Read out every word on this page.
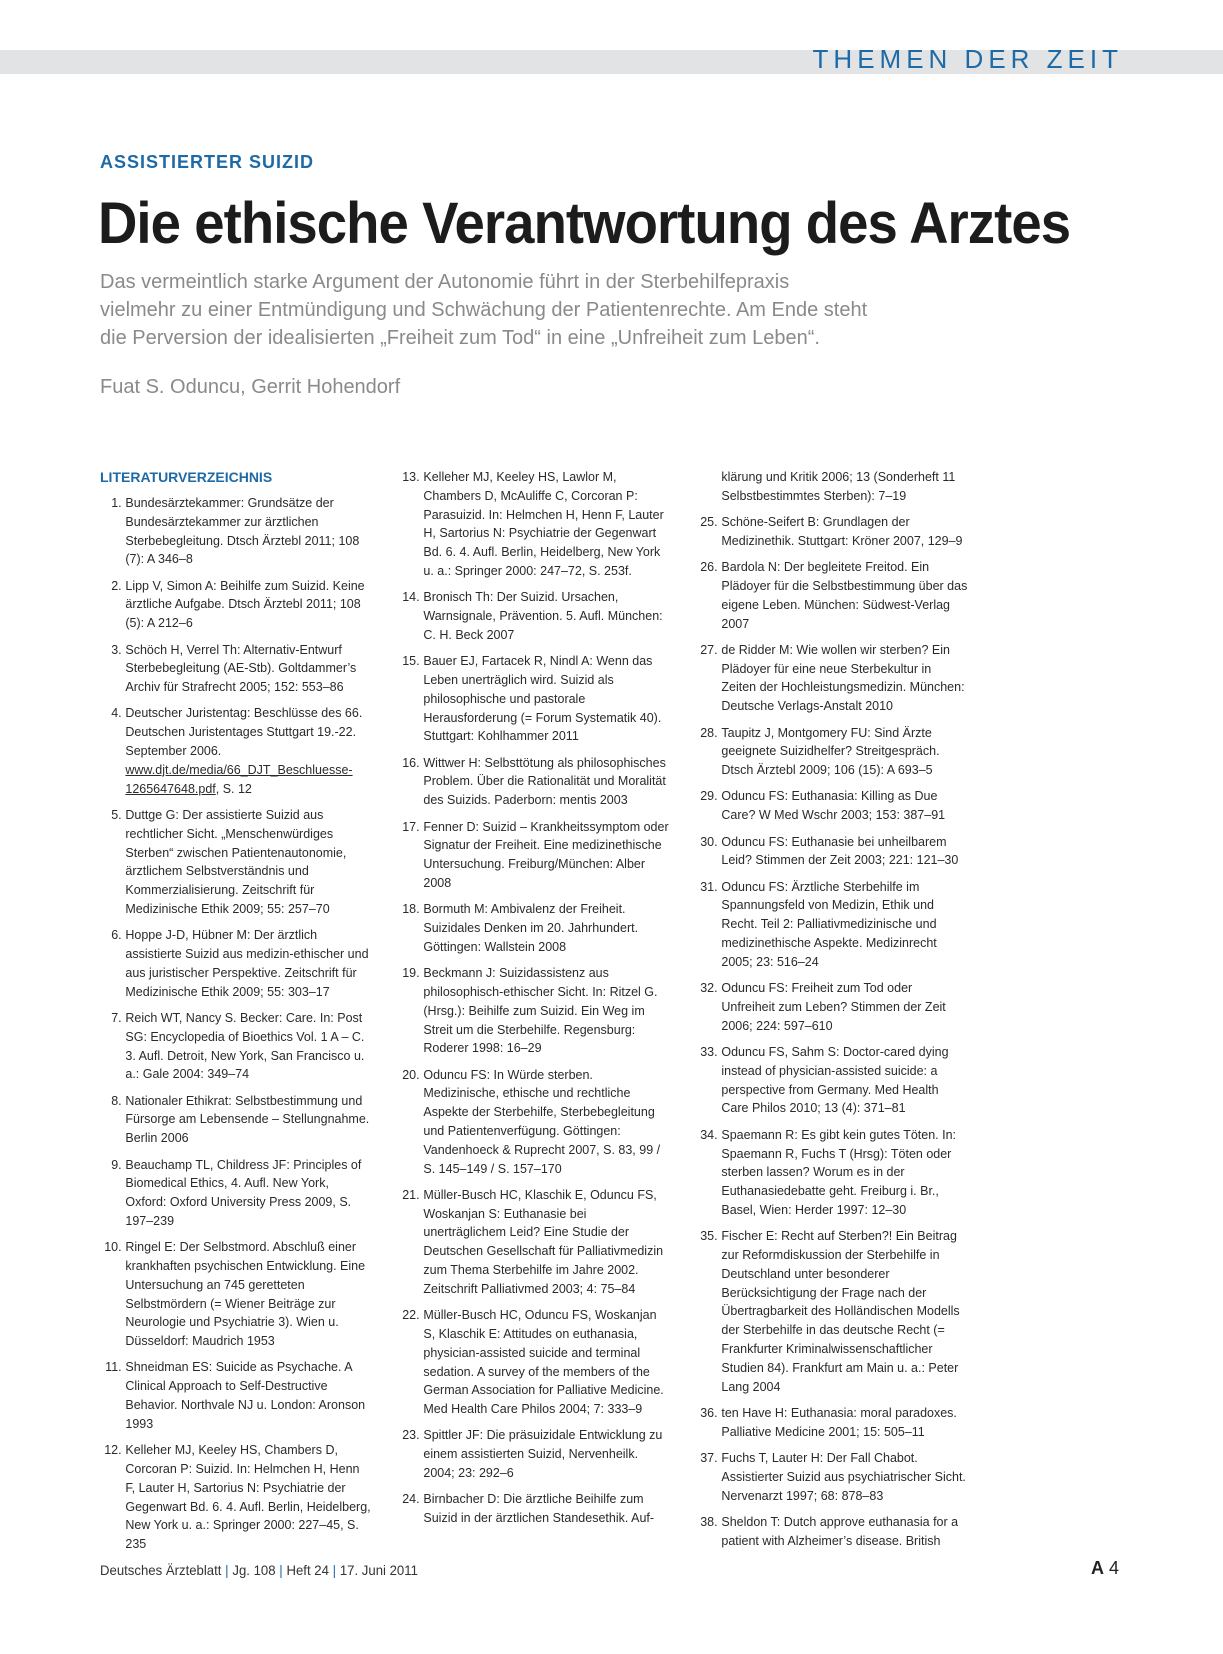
THEMEN DER ZEIT
ASSISTIERTER SUIZID
Die ethische Verantwortung des Arztes

Das vermeintlich starke Argument der Autonomie führt in der Sterbehilfepraxis

vielmehr zu einer Entmündigung und Schwächung der Patientenrechte. Am Ende steht

die Perversion der idealisierten „Freiheit zum Tod“ in eine „Unfreiheit zum Leben“.

Fuat S. Oduncu, Gerrit Hohendorf
LITERATURVERZEICHNIS
1. Bundesärztekammer: Grundsätze der Bundesärztekammer zur ärztlichen Sterbebegleitung. Dtsch Ärztebl 2011; 108 (7): A 346–8
2. Lipp V, Simon A: Beihilfe zum Suizid. Keine ärztliche Aufgabe. Dtsch Ärztebl 2011; 108 (5): A 212–6
3. Schöch H, Verrel Th: Alternativ-Entwurf Sterbebegleitung (AE-Stb). Goltdammer’s Archiv für Strafrecht 2005; 152: 553–86
4. Deutscher Juristentag: Beschlüsse des 66. Deutschen Juristentages Stuttgart 19.-22. September 2006. www.djt.de/media/66_DJT_Beschluesse-1265647648.pdf, S. 12
5. Duttge G: Der assistierte Suizid aus rechtlicher Sicht. „Menschenwürdiges Sterben“ zwischen Patientenautonomie, ärztlichem Selbstverständnis und Kommerzialisierung. Zeitschrift für Medizinische Ethik 2009; 55: 257–70
6. Hoppe J-D, Hübner M: Der ärztlich assistierte Suizid aus medizin-ethischer und aus juristischer Perspektive. Zeitschrift für Medizinische Ethik 2009; 55: 303–17
7. Reich WT, Nancy S. Becker: Care. In: Post SG: Encyclopedia of Bioethics Vol. 1 A – C. 3. Aufl. Detroit, New York, San Francisco u. a.: Gale 2004: 349–74
8. Nationaler Ethikrat: Selbstbestimmung und Fürsorge am Lebensende – Stellungnahme. Berlin 2006
9. Beauchamp TL, Childress JF: Principles of Biomedical Ethics, 4. Aufl. New York, Oxford: Oxford University Press 2009, S. 197–239
10. Ringel E: Der Selbstmord. Abschluß einer krankhaften psychischen Entwicklung. Eine Untersuchung an 745 geretteten Selbstmördern (= Wiener Beiträge zur Neurologie und Psychiatrie 3). Wien u. Düsseldorf: Maudrich 1953
11. Shneidman ES: Suicide as Psychache. A Clinical Approach to Self-Destructive Behavior. Northvale NJ u. London: Aronson 1993
12. Kelleher MJ, Keeley HS, Chambers D, Corcoran P: Suizid. In: Helmchen H, Henn F, Lauter H, Sartorius N: Psychiatrie der Gegenwart Bd. 6. 4. Aufl. Berlin, Heidelberg, New York u. a.: Springer 2000: 227–45, S. 235
13. Kelleher MJ, Keeley HS, Lawlor M, Chambers D, McAuliffe C, Corcoran P: Parasuizid. In: Helmchen H, Henn F, Lauter H, Sartorius N: Psychiatrie der Gegenwart Bd. 6. 4. Aufl. Berlin, Heidelberg, New York u. a.: Springer 2000: 247–72, S. 253f.
14. Bronisch Th: Der Suizid. Ursachen, Warnsignale, Prävention. 5. Aufl. München: C. H. Beck 2007
15. Bauer EJ, Fartacek R, Nindl A: Wenn das Leben unerträglich wird. Suizid als philosophische und pastorale Herausforderung (= Forum Systematik 40). Stuttgart: Kohlhammer 2011
16. Wittwer H: Selbsttötung als philosophisches Problem. Über die Rationalität und Moralität des Suizids. Paderborn: mentis 2003
17. Fenner D: Suizid – Krankheitssymptom oder Signatur der Freiheit. Eine medizinethische Untersuchung. Freiburg/München: Alber 2008
18. Bormuth M: Ambivalenz der Freiheit. Suizidales Denken im 20. Jahrhundert. Göttingen: Wallstein 2008
19. Beckmann J: Suizidassistenz aus philosophisch-ethischer Sicht. In: Ritzel G. (Hrsg.): Beihilfe zum Suizid. Ein Weg im Streit um die Sterbehilfe. Regensburg: Roderer 1998: 16–29
20. Oduncu FS: In Würde sterben. Medizinische, ethische und rechtliche Aspekte der Sterbehilfe, Sterbebegleitung und Patientenverfügung. Göttingen: Vandenhoeck & Ruprecht 2007, S. 83, 99 / S. 145–149 / S. 157–170
21. Müller-Busch HC, Klaschik E, Oduncu FS, Woskanjan S: Euthanasie bei unerträglichem Leid? Eine Studie der Deutschen Gesellschaft für Palliativmedizin zum Thema Sterbehilfe im Jahre 2002. Zeitschrift Palliativmed 2003; 4: 75–84
22. Müller-Busch HC, Oduncu FS, Woskanjan S, Klaschik E: Attitudes on euthanasia, physician-assisted suicide and terminal sedation. A survey of the members of the German Association for Palliative Medicine. Med Health Care Philos 2004; 7: 333–9
23. Spittler JF: Die präsuizidale Entwicklung zu einem assistierten Suizid, Nervenheilk. 2004; 23: 292–6
24. Birnbacher D: Die ärztliche Beihilfe zum Suizid in der ärztlichen Standesethik. Auf-
klärung und Kritik 2006; 13 (Sonderheft 11 Selbstbestimmtes Sterben): 7–19
25. Schöne-Seifert B: Grundlagen der Medizinethik. Stuttgart: Kröner 2007, 129–9
26. Bardola N: Der begleitete Freitod. Ein Plädoyer für die Selbstbestimmung über das eigene Leben. München: Südwest-Verlag 2007
27. de Ridder M: Wie wollen wir sterben? Ein Plädoyer für eine neue Sterbekultur in Zeiten der Hochleistungsmedizin. München: Deutsche Verlags-Anstalt 2010
28. Taupitz J, Montgomery FU: Sind Ärzte geeignete Suizidhelfer? Streitgespräch. Dtsch Ärztebl 2009; 106 (15): A 693–5
29. Oduncu FS: Euthanasia: Killing as Due Care? W Med Wschr 2003; 153: 387–91
30. Oduncu FS: Euthanasie bei unheilbarem Leid? Stimmen der Zeit 2003; 221: 121–30
31. Oduncu FS: Ärztliche Sterbehilfe im Spannungsfeld von Medizin, Ethik und Recht. Teil 2: Palliativmedizinische und medizinethische Aspekte. Medizinrecht 2005; 23: 516–24
32. Oduncu FS: Freiheit zum Tod oder Unfreiheit zum Leben? Stimmen der Zeit 2006; 224: 597–610
33. Oduncu FS, Sahm S: Doctor-cared dying instead of physician-assisted suicide: a perspective from Germany. Med Health Care Philos 2010; 13 (4): 371–81
34. Spaemann R: Es gibt kein gutes Töten. In: Spaemann R, Fuchs T (Hrsg): Töten oder sterben lassen? Worum es in der Euthanasiedebatte geht. Freiburg i. Br., Basel, Wien: Herder 1997: 12–30
35. Fischer E: Recht auf Sterben?! Ein Beitrag zur Reformdiskussion der Sterbehilfe in Deutschland unter besonderer Berücksichtigung der Frage nach der Übertragbarkeit des Holländischen Modells der Sterbehilfe in das deutsche Recht (= Frankfurter Kriminalwissenschaftlicher Studien 84). Frankfurt am Main u. a.: Peter Lang 2004
36. ten Have H: Euthanasia: moral paradoxes. Palliative Medicine 2001; 15: 505–11
37. Fuchs T, Lauter H: Der Fall Chabot. Assistierter Suizid aus psychiatrischer Sicht. Nervenarzt 1997; 68: 878–83
38. Sheldon T: Dutch approve euthanasia for a patient with Alzheimer’s disease. British
Deutsches Ärzteblatt | Jg. 108 | Heft 24 | 17. Juni 2011	A 4
